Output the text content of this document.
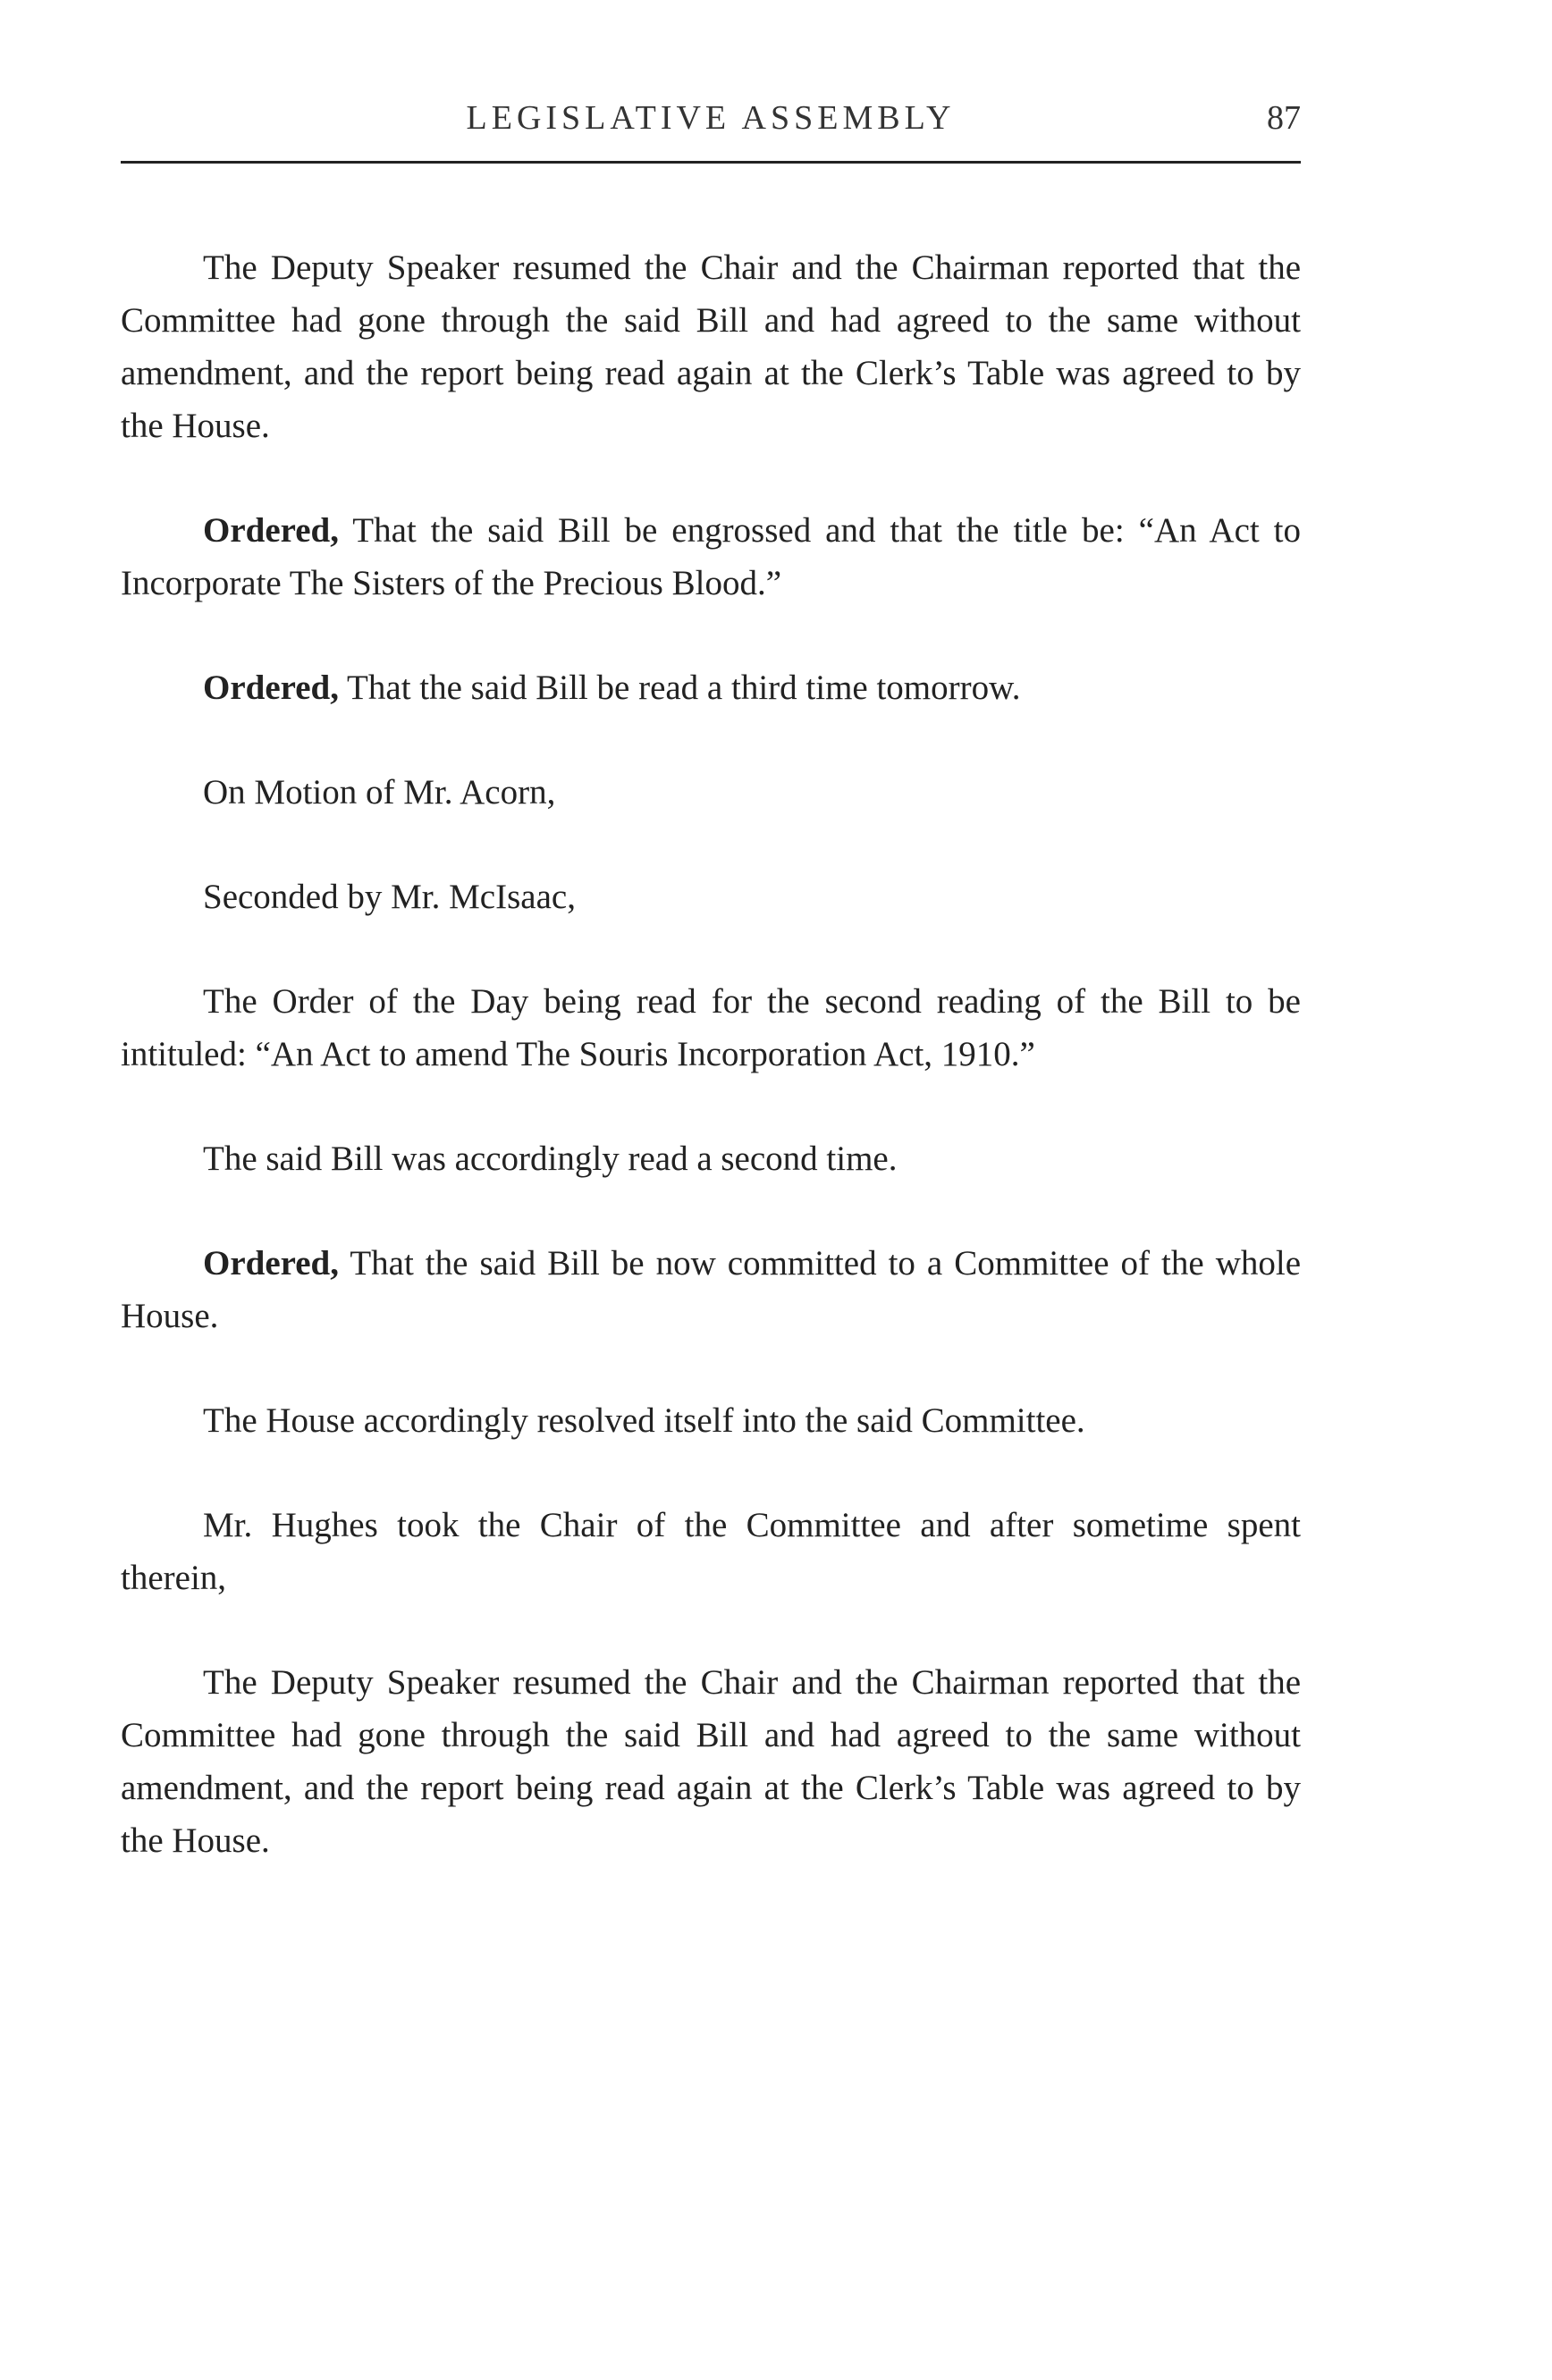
LEGISLATIVE ASSEMBLY	87

The Deputy Speaker resumed the Chair and the Chairman reported that the Committee had gone through the said Bill and had agreed to the same without amendment, and the report being read again at the Clerk’s Table was agreed to by the House.

Ordered, That the said Bill be engrossed and that the title be: “An Act to Incorporate The Sisters of the Precious Blood.”

Ordered, That the said Bill be read a third time tomorrow.

On Motion of Mr. Acorn,

Seconded by Mr. McIsaac,

The Order of the Day being read for the second reading of the Bill to be intituled: “An Act to amend The Souris Incorporation Act, 1910.”

The said Bill was accordingly read a second time.

Ordered, That the said Bill be now committed to a Committee of the whole House.

The House accordingly resolved itself into the said Committee.

Mr. Hughes took the Chair of the Committee and after sometime spent therein,

The Deputy Speaker resumed the Chair and the Chairman reported that the Committee had gone through the said Bill and had agreed to the same without amendment, and the report being read again at the Clerk’s Table was agreed to by the House.
